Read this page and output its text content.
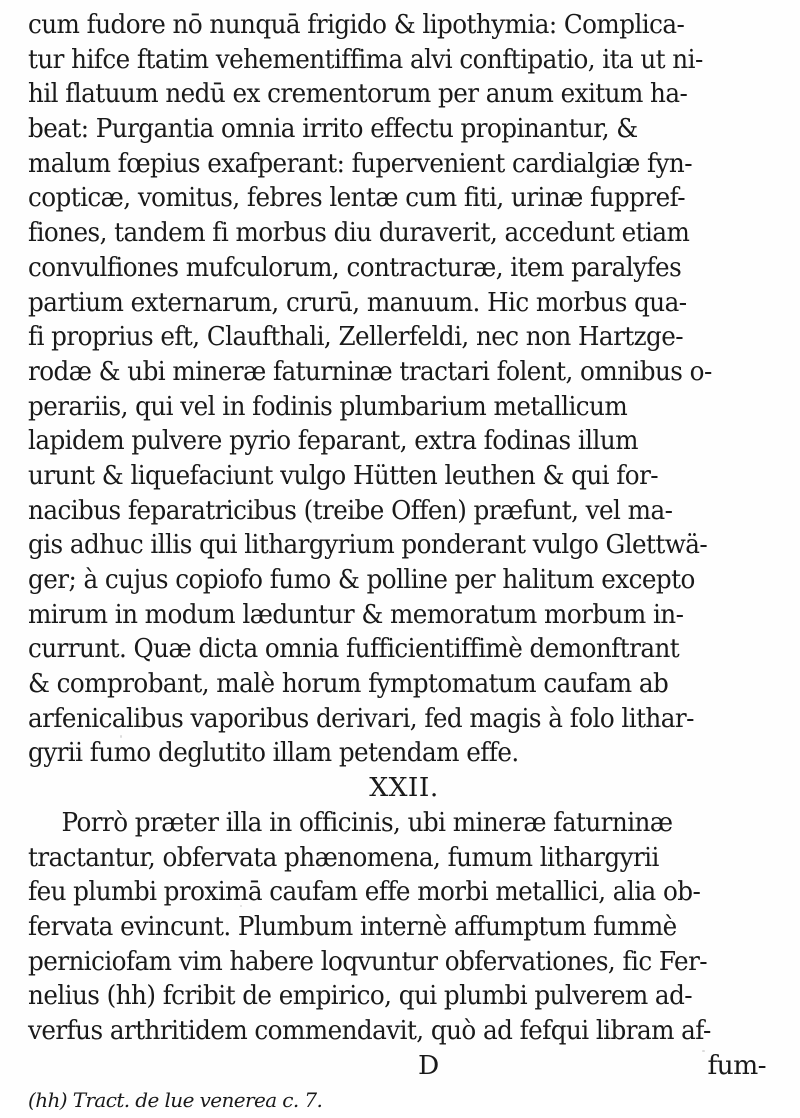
cum fudore nō nunquā frigido & lipothymia: Complica-
tur hifce ftatim vehementiffima alvi conftipatio, ita ut ni-
hil flatuum nedū ex crementorum per anum exitum ha-
beat: Purgantia omnia irrito effectu propinantur, &
malum fœpius exafperant: fupervenient cardialgiæ fyn-
copticæ, vomitus, febres lentæ cum fiti, urinæ fuppref-
fiones, tandem fi morbus diu duraverit, accedunt etiam
convulfiones mufculorum, contracturæ, item paralyfes
partium externarum, crurū, manuum. Hic morbus qua-
fi proprius eft, Claufthali, Zellerfeldi, nec non Hartzge-
rodæ & ubi mineræ faturninæ tractari folent, omnibus o-
perariis, qui vel in fodinis plumbarium metallicum
lapidem pulvere pyrio feparant, extra fodinas illum
urunt & liquefaciunt vulgo Hütten leuthen & qui for-
nacibus feparatricibus (treibe Offen) præfunt, vel ma-
gis adhuc illis qui lithargyrium ponderant vulgo Glettwä-
ger; à cujus copiofo fumo & polline per halitum excepto
mirum in modum læduntur & memoratum morbum in-
currunt. Quæ dicta omnia fufficientiffimè demonftrant
& comprobant, malè horum fymptomatum caufam ab
arfenicalibus vaporibus derivari, fed magis à folo lithar-
gyrii fumo deglutito illam petendam effe.
XXII.
Porrò præter illa in officinis, ubi mineræ faturninæ
tractantur, obfervata phænomena, fumum lithargyrii
feu plumbi proximā caufam effe morbi metallici, alia ob-
fervata evincunt. Plumbum internè affumptum fummè
perniciofam vim habere loqvuntur obfervationes, fic Fer-
nelius (hh) fcribit de empirico, qui plumbi pulverem ad-
verfus arthritidem commendavit, quò ad fefqui libram af-
D	fum-
(hh) Tract. de lue venerea c. 7.
